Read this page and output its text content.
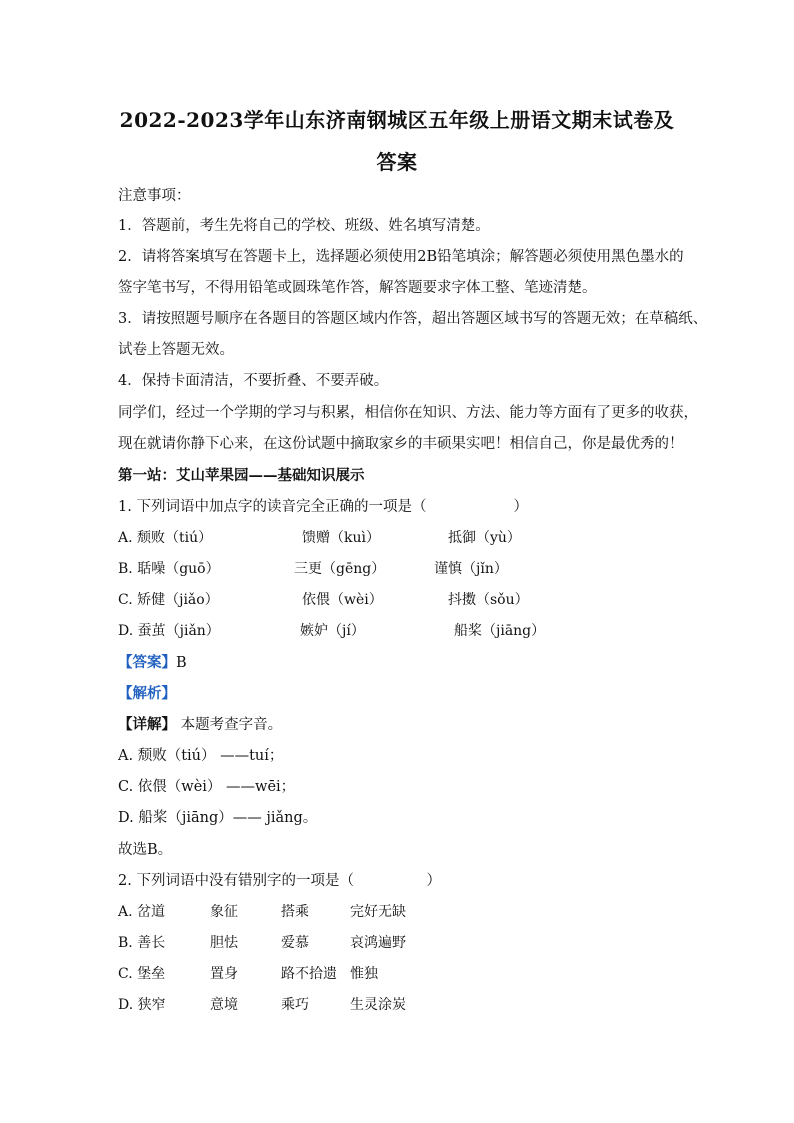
2022-2023学年山东济南钢城区五年级上册语文期末试卷及
答案
注意事项：
1．答题前，考生先将自己的学校、班级、姓名填写清楚。
2．请将答案填写在答题卡上，选择题必须使用2B铅笔填涂；解答题必须使用黑色墨水的
签字笔书写，不得用铅笔或圆珠笔作答，解答题要求字体工整、笔迹清楚。
3．请按照题号顺序在各题目的答题区域内作答，超出答题区域书写的答题无效；在草稿纸、
试卷上答题无效。
4．保持卡面清洁，不要折叠、不要弄破。
同学们，经过一个学期的学习与积累，相信你在知识、方法、能力等方面有了更多的收获，
现在就请你静下心来，在这份试题中摘取家乡的丰硕果实吧！相信自己，你是最优秀的！
第一站：艾山苹果园——基础知识展示
1. 下列词语中加点字的读音完全正确的一项是（　　　　　　）
A. 颓败（tiú）	馈赠（kuì）	抵御（yù）
B. 聒噪（guō）	三更（gēng）	谨慎（jǐn）
C. 矫健（jiǎo）	依偎（wèi）	抖擞（sǒu）
D. 蚕茧（jiǎn）	嫉妒（jí）	船桨（jiāng）
【答案】B
【解析】
【详解】 本题考查字音。
A. 颓败（tiú） ——tuí；
C. 依偎（wèi） ——wēi；
D. 船桨（jiāng）—— jiǎng。
故选B。
2. 下列词语中没有错别字的一项是（　　　　　）
A. 岔道	象征	搭乘	完好无缺
B. 善长	胆怯	爱慕	哀鸿遍野
C. 堡垒	置身	路不拾遗 惟独
D. 狭窄	意境	乘巧	生灵涂炭
